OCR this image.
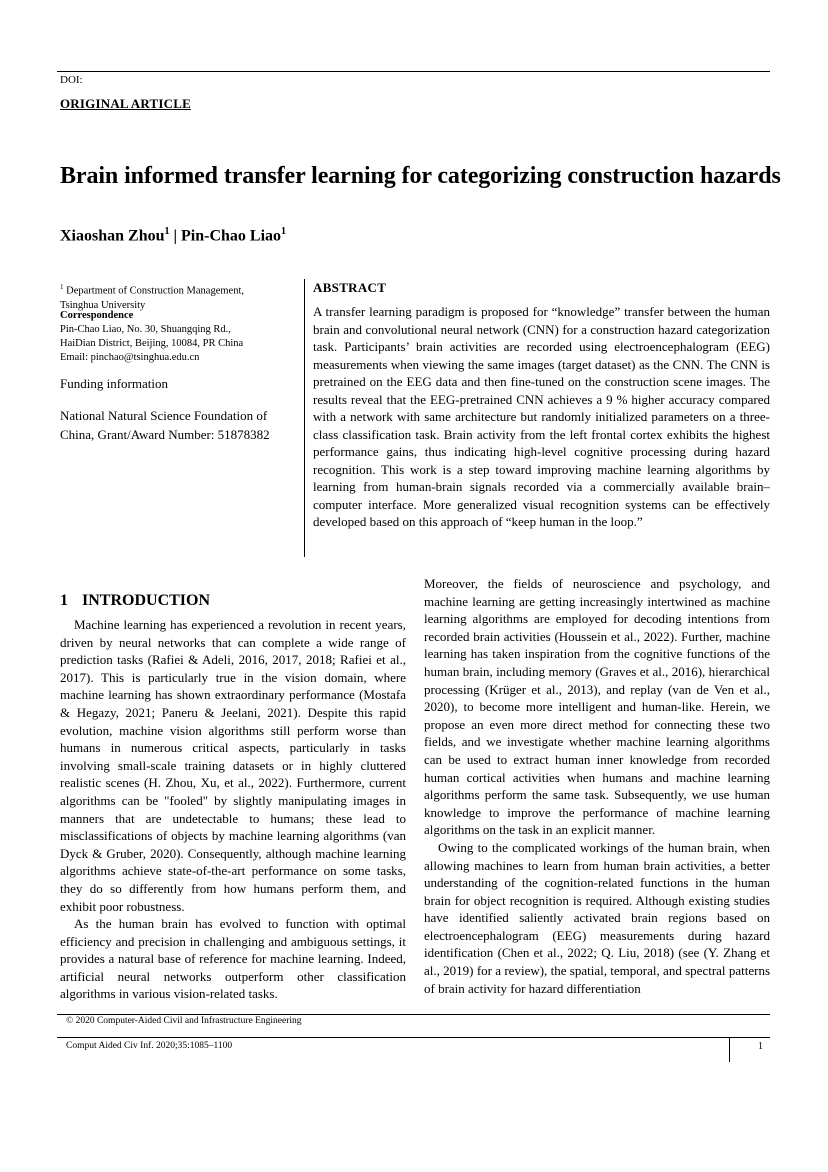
DOI:
ORIGINAL ARTICLE
Brain informed transfer learning for categorizing construction hazards
Xiaoshan Zhou$^1$ | Pin-Chao Liao$^1$
$^1$ Department of Construction Management, Tsinghua University
Correspondence
Pin-Chao Liao, No. 30, Shuangqing Rd.,
HaiDian District, Beijing, 10084, PR China
Email: pinchao@tsinghua.edu.cn
Funding information
National Natural Science Foundation of China, Grant/Award Number: 51878382
ABSTRACT
A transfer learning paradigm is proposed for “knowledge” transfer between the human brain and convolutional neural network (CNN) for a construction hazard categorization task. Participants’ brain activities are recorded using electroencephalogram (EEG) measurements when viewing the same images (target dataset) as the CNN. The CNN is pretrained on the EEG data and then fine-tuned on the construction scene images. The results reveal that the EEG-pretrained CNN achieves a 9 % higher accuracy compared with a network with same architecture but randomly initialized parameters on a three-class classification task. Brain activity from the left frontal cortex exhibits the highest performance gains, thus indicating high-level cognitive processing during hazard recognition. This work is a step toward improving machine learning algorithms by learning from human-brain signals recorded via a commercially available brain–computer interface. More generalized visual recognition systems can be effectively developed based on this approach of “keep human in the loop.”
1 INTRODUCTION

Machine learning has experienced a revolution in recent years, driven by neural networks that can complete a wide range of prediction tasks (Rafiei & Adeli, 2016, 2017, 2018; Rafiei et al., 2017). This is particularly true in the vision domain, where machine learning has shown extraordinary performance (Mostafa & Hegazy, 2021; Paneru & Jeelani, 2021). Despite this rapid evolution, machine vision algorithms still perform worse than humans in numerous critical aspects, particularly in tasks involving small-scale training datasets or in highly cluttered realistic scenes (H. Zhou, Xu, et al., 2022). Furthermore, current algorithms can be "fooled" by slightly manipulating images in manners that are undetectable to humans; these lead to misclassifications of objects by machine learning algorithms (van Dyck & Gruber, 2020). Consequently, although machine learning algorithms achieve state-of-the-art performance on some tasks, they do so differently from how humans perform them, and exhibit poor robustness.

As the human brain has evolved to function with optimal efficiency and precision in challenging and ambiguous settings, it provides a natural base of reference for machine learning. Indeed, artificial neural networks outperform other classification algorithms in various vision-related tasks.

Moreover, the fields of neuroscience and psychology, and machine learning are getting increasingly intertwined as machine learning algorithms are employed for decoding intentions from recorded brain activities (Houssein et al., 2022). Further, machine learning has taken inspiration from the cognitive functions of the human brain, including memory (Graves et al., 2016), hierarchical processing (Krüger et al., 2013), and replay (van de Ven et al., 2020), to become more intelligent and human-like. Herein, we propose an even more direct method for connecting these two fields, and we investigate whether machine learning algorithms can be used to extract human inner knowledge from recorded human cortical activities when humans and machine learning algorithms perform the same task. Subsequently, we use human knowledge to improve the performance of machine learning algorithms on the task in an explicit manner.

Owing to the complicated workings of the human brain, when allowing machines to learn from human brain activities, a better understanding of the cognition-related functions in the human brain for object recognition is required. Although existing studies have identified saliently activated brain regions based on electroencephalogram (EEG) measurements during hazard identification (Chen et al., 2022; Q. Liu, 2018) (see (Y. Zhang et al., 2019) for a review), the spatial, temporal, and spectral patterns of brain activity for hazard differentiation

© 2020 Computer-Aided Civil and Infrastructure Engineering
Comput Aided Civ Inf. 2020;35:1085–1100	1
